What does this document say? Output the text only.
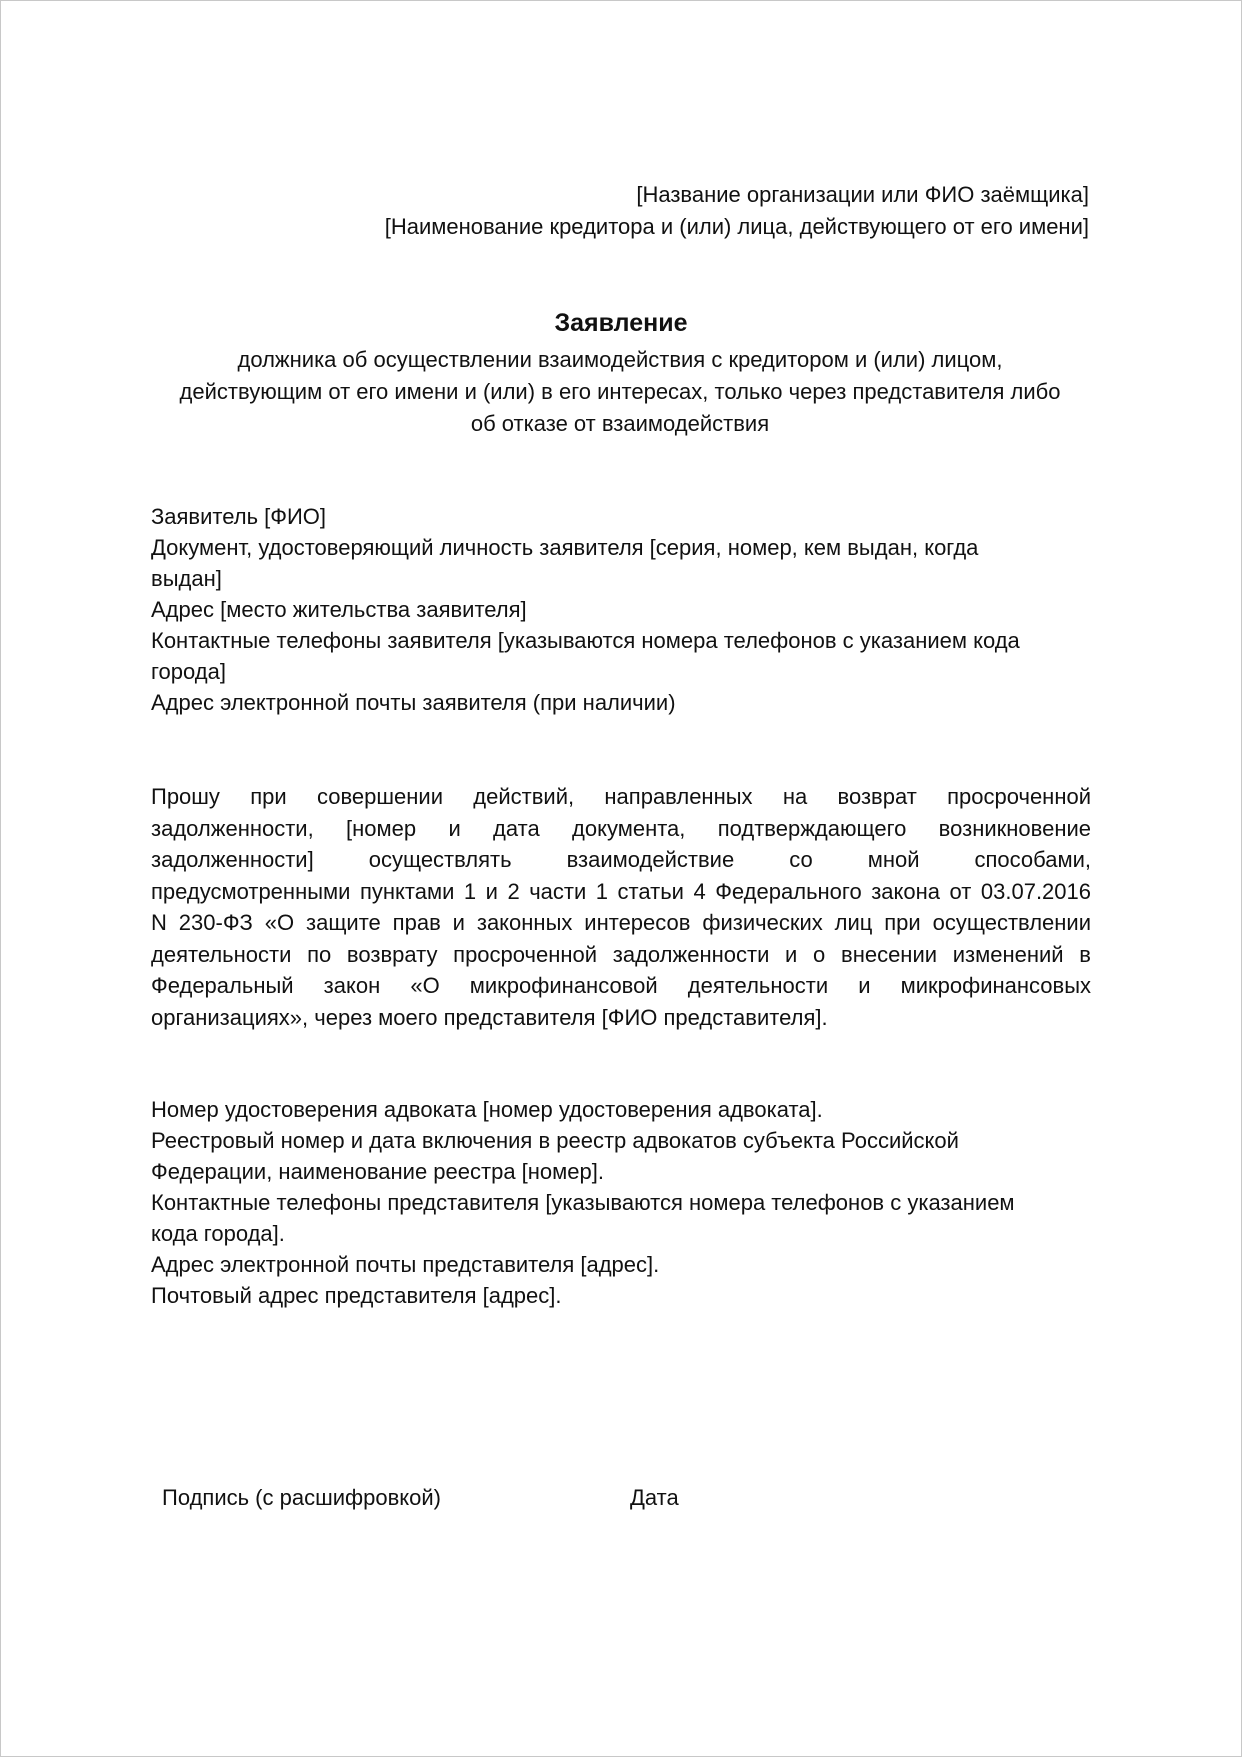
[Название организации или ФИО заёмщика]
[Наименование кредитора и (или) лица, действующего от его имени]
Заявление
должника об осуществлении взаимодействия с кредитором и (или) лицом,
действующим от его имени и (или) в его интересах, только через представителя либо
об отказе от взаимодействия
Заявитель [ФИО]
Документ, удостоверяющий личность заявителя [серия, номер, кем выдан, когда
выдан]
Адрес [место жительства заявителя]
Контактные телефоны заявителя [указываются номера телефонов с указанием кода
города]
Адрес электронной почты заявителя (при наличии)
Прошу при совершении действий, направленных на возврат просроченной
задолженности, [номер и дата документа, подтверждающего возникновение
задолженности] осуществлять взаимодействие со мной способами,
предусмотренными пунктами 1 и 2 части 1 статьи 4 Федерального закона от 03.07.2016
N 230-ФЗ «О защите прав и законных интересов физических лиц при осуществлении
деятельности по возврату просроченной задолженности и о внесении изменений в
Федеральный закон «О микрофинансовой деятельности и микрофинансовых
организациях», через моего представителя [ФИО представителя].
Номер удостоверения адвоката [номер удостоверения адвоката].
Реестровый номер и дата включения в реестр адвокатов субъекта Российской
Федерации, наименование реестра [номер].
Контактные телефоны представителя [указываются номера телефонов с указанием
кода города].
Адрес электронной почты представителя [адрес].
Почтовый адрес представителя [адрес].
Подпись (с расшифровкой)	Дата
